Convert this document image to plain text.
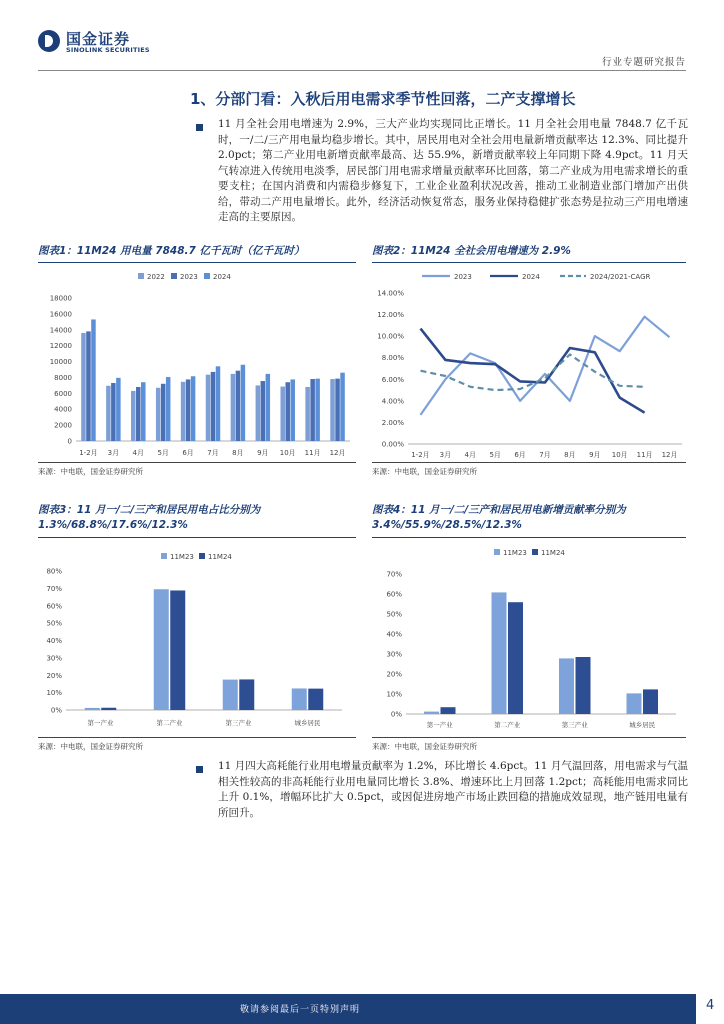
国金证券
SINOLINK SECURITIES
行业专题研究报告
1、分部门看：入秋后用电需求季节性回落，二产支撑增长
11 月全社会用电增速为 2.9%，三大产业均实现同比正增长。11 月全社会用电量 7848.7 亿千瓦时，一/二/三产用电量均稳步增长。其中，居民用电对全社会用电量新增贡献率达 12.3%、同比提升 2.0pct；第二产业用电新增贡献率最高、达 55.9%，新增贡献率较上年同期下降 4.9pct。11 月天气转凉进入传统用电淡季，居民部门用电需求增量贡献率环比回落，第二产业成为用电需求增长的重要支柱；在国内消费和内需稳步修复下，工业企业盈利状况改善，推动工业制造业部门增加产出供给，带动二产用电量增长。此外，经济活动恢复常态，服务业保持稳健扩张态势是拉动三产用电增速走高的主要原因。
图表1：11M24 用电量 7848.7 亿千瓦时（亿千瓦时）	图表2：11M24 全社会用电增速为 2.9%
2022 2023 2024
0
2000
4000
6000
8000
10000
12000
14000
16000
18000
1-2月 3月 4月 5月 6月 7月 8月 9月 10月 11月 12月
2023	2024	2024/2021-CAGR
0.00%
2.00%
4.00%
6.00%
8.00%
10.00%
12.00%
14.00%
1-2月 3月 4月 5月 6月 7月 8月 9月 10月 11月 12月
来源：中电联，国金证券研究所	来源：中电联，国金证券研究所
图表3：11 月一/二/三产和居民用电占比分别为 1.3%/68.8%/17.6%/12.3%
图表4：11 月一/二/三产和居民用电新增贡献率分别为 3.4%/55.9%/28.5%/12.3%
11M23 11M24
0%
10%
20%
30%
40%
50%
60%
70%
80%
第一产业	第二产业	第三产业	城乡居民
11M23 11M24
0%
10%
20%
30%
40%
50%
60%
70%
第一产业	第二产业	第三产业	城乡居民
来源：中电联，国金证券研究所	来源：中电联，国金证券研究所
11 月四大高耗能行业用电增量贡献率为 1.2%，环比增长 4.6pct。11 月气温回落，用电需求与气温相关性较高的非高耗能行业用电量同比增长 3.8%、增速环比上月回落 1.2pct；高耗能用电需求同比上升 0.1%，增幅环比扩大 0.5pct，或因促进房地产市场止跌回稳的措施成效显现，地产链用电量有所回升。
敬请参阅最后一页特别声明	4
